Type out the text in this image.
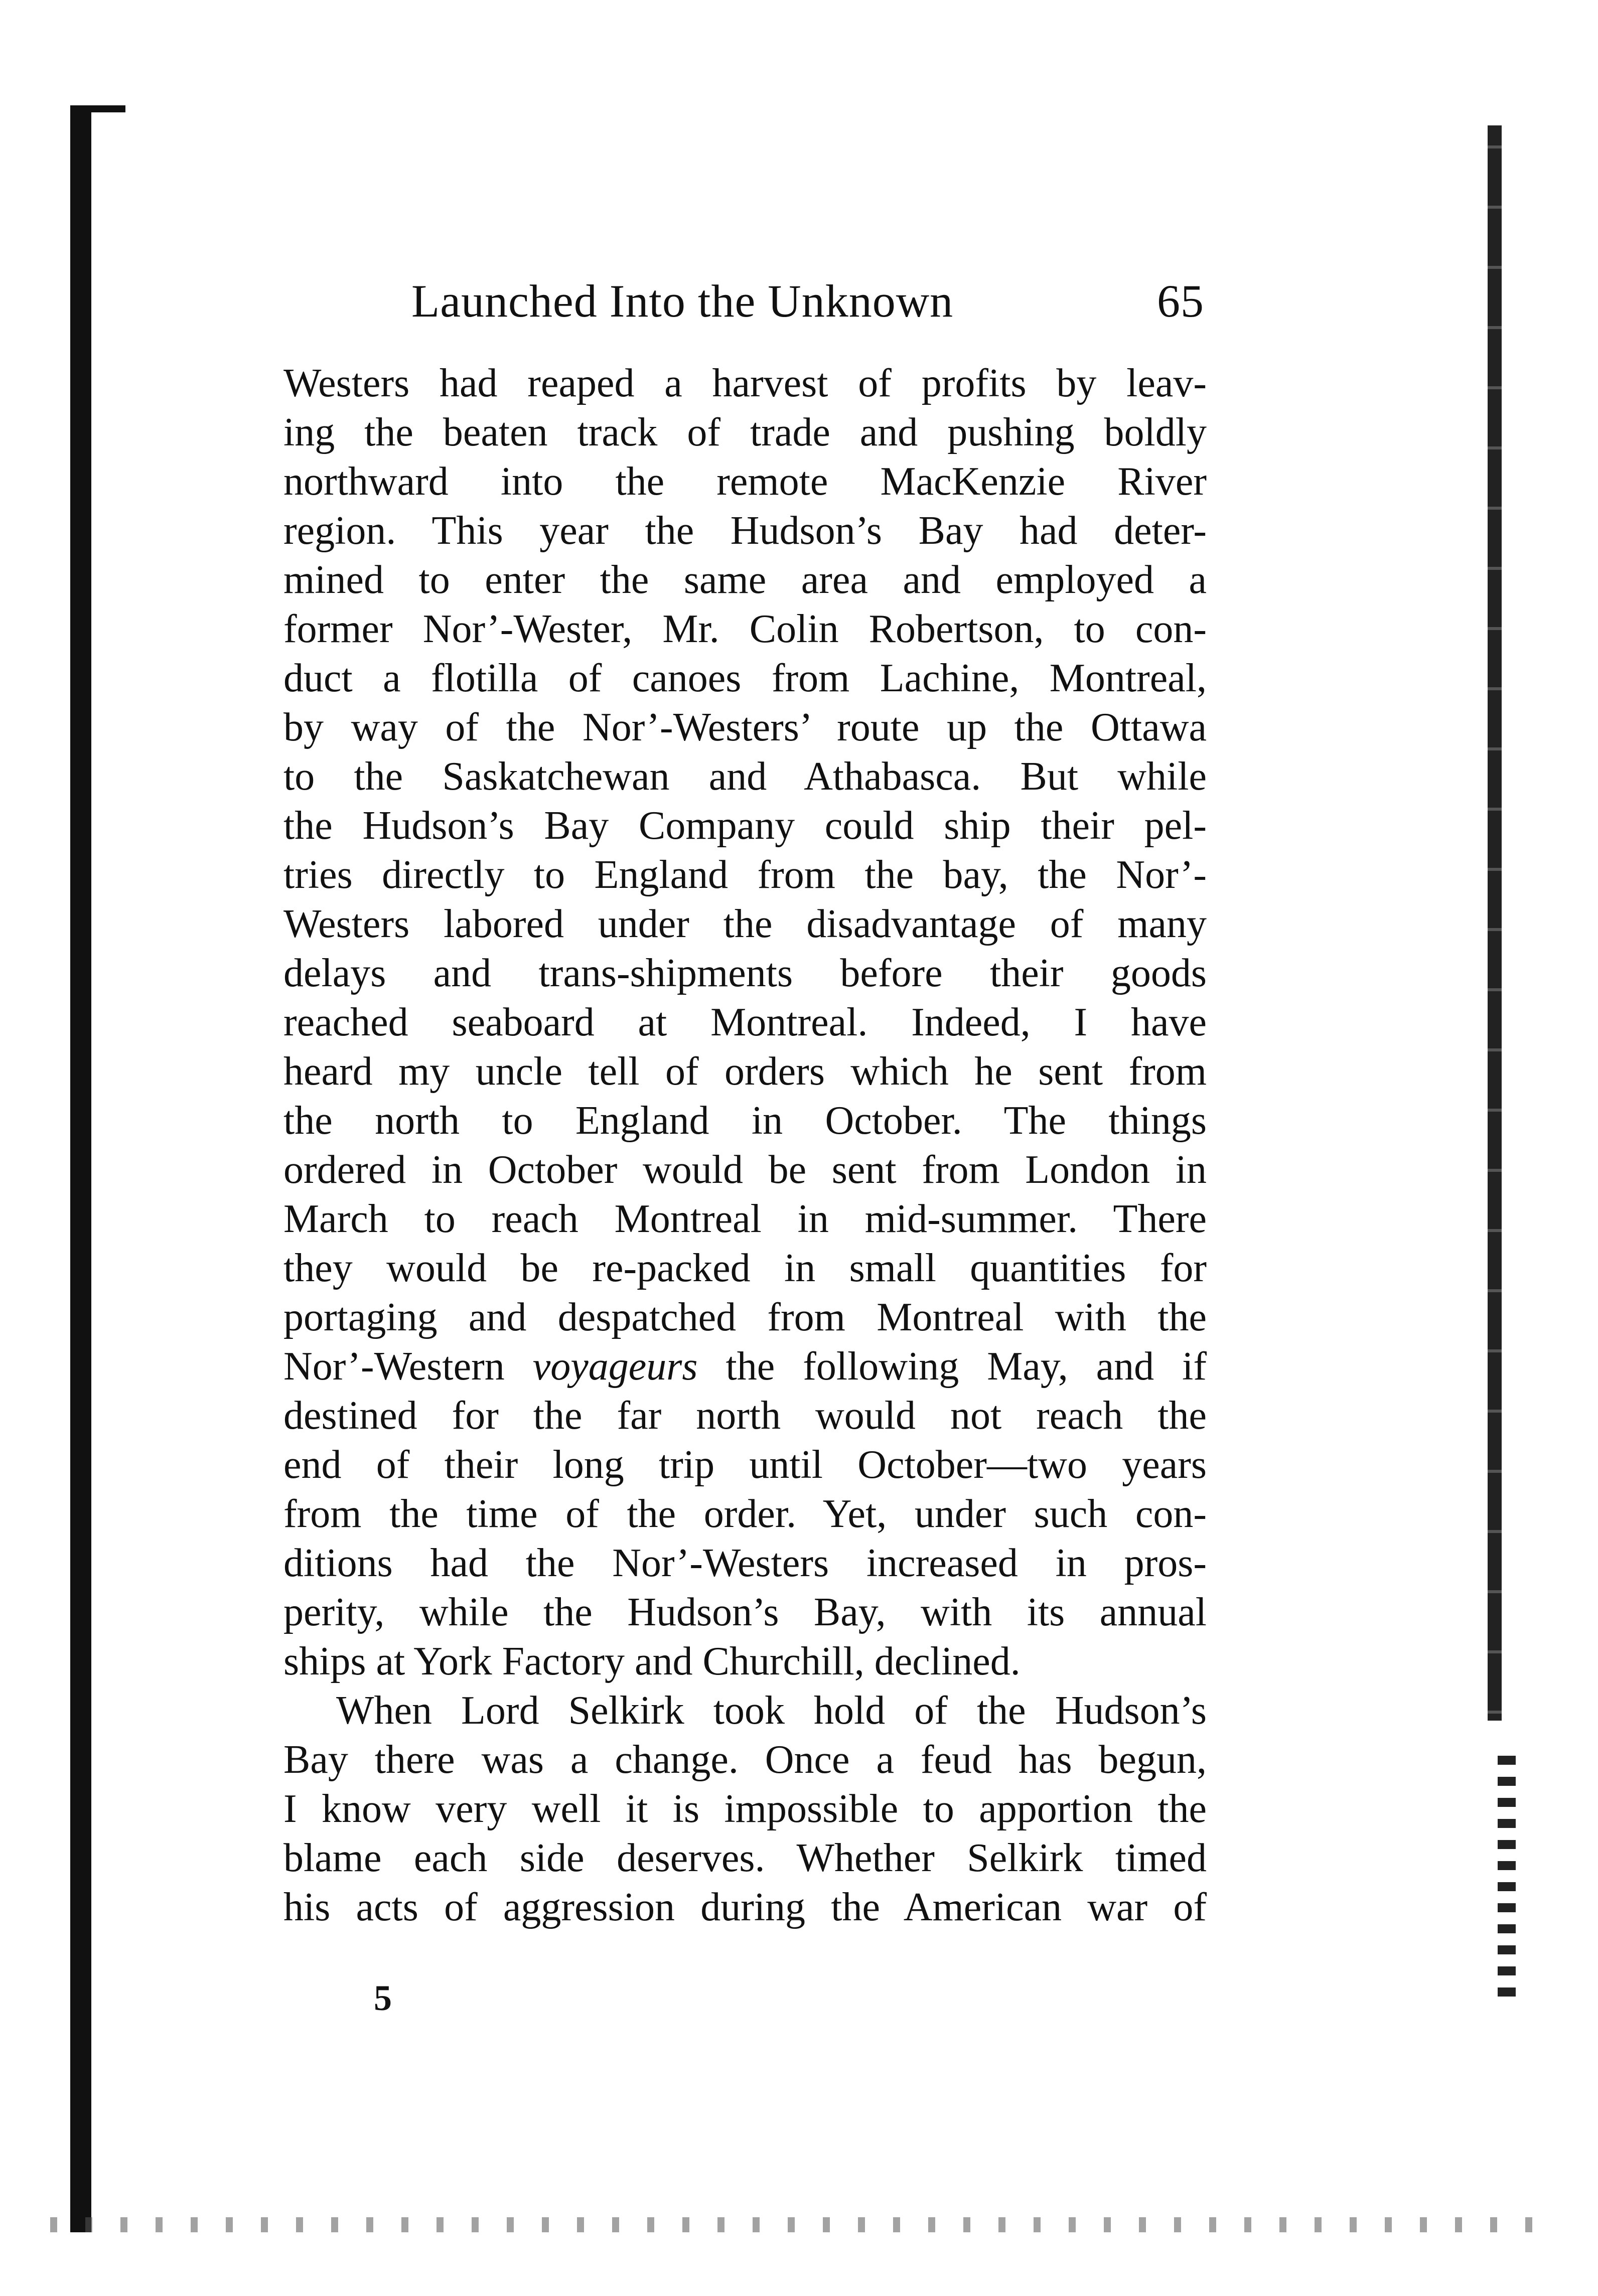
Launched Into the Unknown	65
Westers had reaped a harvest of profits by leav-
ing the beaten track of trade and pushing boldly
northward into the remote MacKenzie River
region. This year the Hudson’s Bay had deter-
mined to enter the same area and employed a
former Nor’-Wester, Mr. Colin Robertson, to con-
duct a flotilla of canoes from Lachine, Montreal,
by way of the Nor’-Westers’ route up the Ottawa
to the Saskatchewan and Athabasca. But while
the Hudson’s Bay Company could ship their pel-
tries directly to England from the bay, the Nor’-
Westers labored under the disadvantage of many
delays and trans-shipments before their goods
reached seaboard at Montreal. Indeed, I have
heard my uncle tell of orders which he sent from
the north to England in October. The things
ordered in October would be sent from London in
March to reach Montreal in mid-summer. There
they would be re-packed in small quantities for
portaging and despatched from Montreal with the
Nor’-Western voyageurs the following May, and if
destined for the far north would not reach the
end of their long trip until October—two years
from the time of the order. Yet, under such con-
ditions had the Nor’-Westers increased in pros-
perity, while the Hudson’s Bay, with its annual
ships at York Factory and Churchill, declined.
When Lord Selkirk took hold of the Hudson’s
Bay there was a change. Once a feud has begun,
I know very well it is impossible to apportion the
blame each side deserves. Whether Selkirk timed
his acts of aggression during the American war of
5
